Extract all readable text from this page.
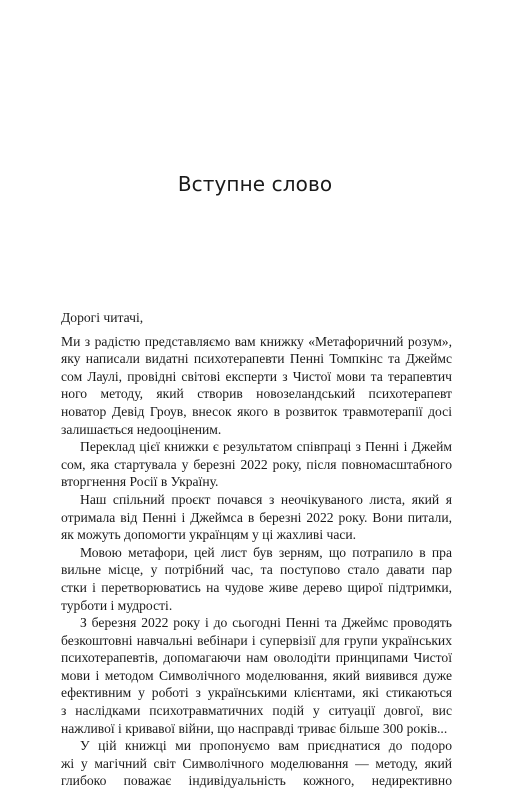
Вступне слово
Дорогі читачі,
Ми з радістю представляємо вам книжку «Метафоричний розум»,
яку написали видатні психотерапевти Пенні Томпкінс та Джеймс
сом Лаулі, провідні світові експерти з Чистої мови та терапевтич
ного методу, який створив новозеландський психотерапевт
новатор Девід Гроув, внесок якого в розвиток травмотерапії досі
залишається недооціненим.
Переклад цієї книжки є результатом співпраці з Пенні і Джейм
сом, яка стартувала у березні 2022 року, після повномасштабного
вторгнення Росії в Україну.
Наш спільний проєкт почався з неочікуваного листа, який я
отримала від Пенні і Джеймса в березні 2022 року. Вони питали,
як можуть допомогти українцям у ці жахливі часи.
Мовою метафори, цей лист був зерням, що потрапило в пра
вильне місце, у потрібний час, та поступово стало давати пар
стки і перетворюватись на чудове живе дерево щирої підтримки,
турботи і мудрості.
З березня 2022 року і до сьогодні Пенні та Джеймс проводять
безкоштовні навчальні вебінари і супервізії для групи українських
психотерапевтів, допомагаючи нам оволодіти принципами Чистої
мови і методом Символічного моделювання, який виявився дуже
ефективним у роботі з українськими клієнтами, які стикаються
з наслідками психотравматичних подій у ситуації довгої, вис
нажливої і кривавої війни, що насправді триває більше 300 років...
У цій книжці ми пропонуємо вам приєднатися до подоро
жі у магічний світ Символічного моделювання — методу, який
глибоко поважає індивідуальність кожного, недирективно
